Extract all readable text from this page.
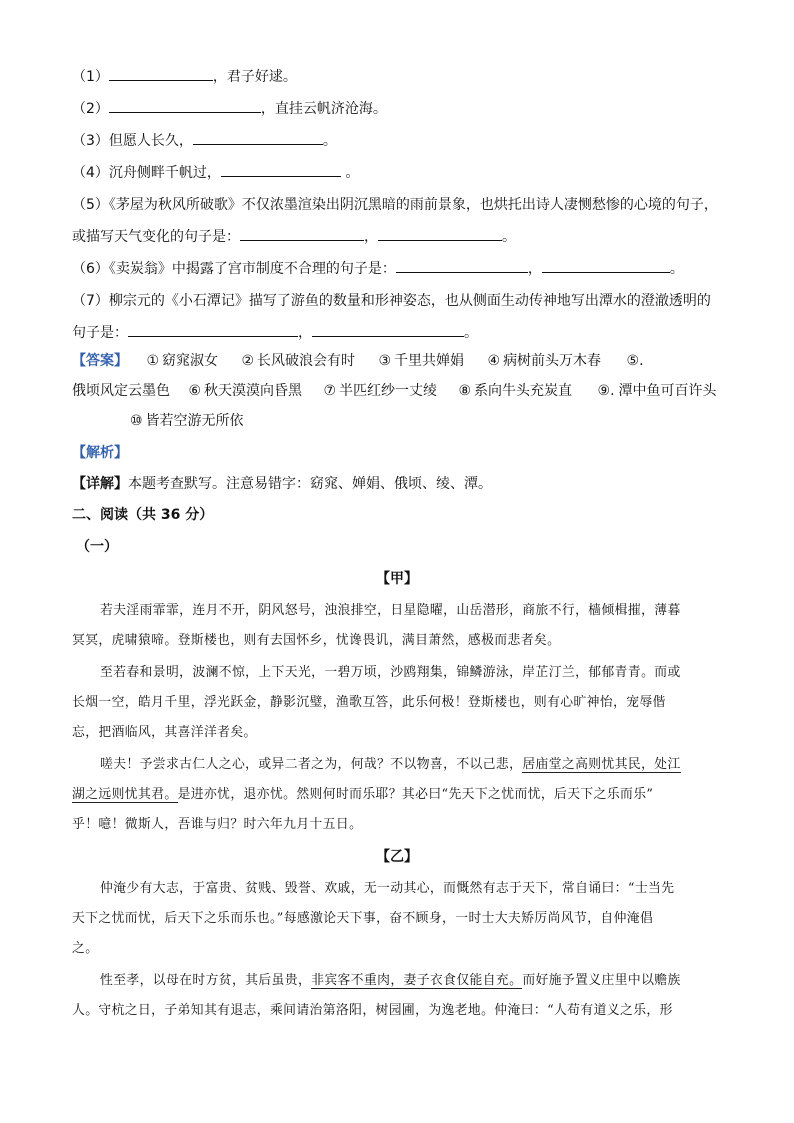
（1）	，君子好逑。
（2）	，直挂云帆济沧海。
（3）但愿人长久，	。
（4）沉舟侧畔千帆过，	。
（5）《茅屋为秋风所破歌》不仅浓墨渲染出阴沉黑暗的雨前景象，也烘托出诗人凄恻愁惨的心境的句子，
或描写天气变化的句子是：	，	。
（6）《卖炭翁》中揭露了宫市制度不合理的句子是：	，	。
（7）柳宗元的《小石潭记》描写了游鱼的数量和形神姿态，也从侧面生动传神地写出潭水的澄澈透明的
句子是：	，	。
【答案】 ① 窈窕淑女 ② 长风破浪会有时 ③ 千里共婵娟 ④ 病树前头万木春 ⑤.
俄顷风定云墨色 ⑥ 秋天漠漠向昏黑 ⑦ 半匹红纱一丈绫 ⑧ 系向牛头充炭直 ⑨. 潭中鱼可百许头
⑩ 皆若空游无所依
【解析】
【详解】本题考查默写。注意易错字：窈窕、婵娟、俄顷、绫、潭。
二、阅读（共 36 分）
（一）
【甲】
若夫淫雨霏霏，连月不开，阴风怒号，浊浪排空，日星隐曜，山岳潜形，商旅不行，樯倾楫摧，薄暮
冥冥，虎啸猿啼。登斯楼也，则有去国怀乡，忧谗畏讥，满目萧然，感极而悲者矣。
至若春和景明，波澜不惊，上下天光，一碧万顷，沙鸥翔集，锦鳞游泳，岸芷汀兰，郁郁青青。而或
长烟一空，皓月千里，浮光跃金，静影沉璧，渔歌互答，此乐何极！登斯楼也，则有心旷神怡，宠辱偕
忘，把酒临风，其喜洋洋者矣。
嗟夫！予尝求古仁人之心，或异二者之为，何哉？不以物喜，不以己悲，居庙堂之高则忧其民，处江
湖之远则忧其君。是进亦忧，退亦忧。然则何时而乐耶？其必曰“先天下之忧而忧，后天下之乐而乐”
乎！噫！微斯人，吾谁与归？时六年九月十五日。
【乙】
仲淹少有大志，于富贵、贫贱、毁誉、欢戚，无一动其心，而慨然有志于天下，常自诵曰：“士当先
天下之忧而忧，后天下之乐而乐也。”每感激论天下事，奋不顾身，一时士大夫矫厉尚风节，自仲淹倡
之。
性至孝，以母在时方贫，其后虽贵，非宾客不重肉，妻子衣食仅能自充。而好施予置义庄里中以赡族
人。守杭之日，子弟知其有退志，乘间请治第洛阳，树园圃，为逸老地。仲淹曰：“人苟有道义之乐，形
